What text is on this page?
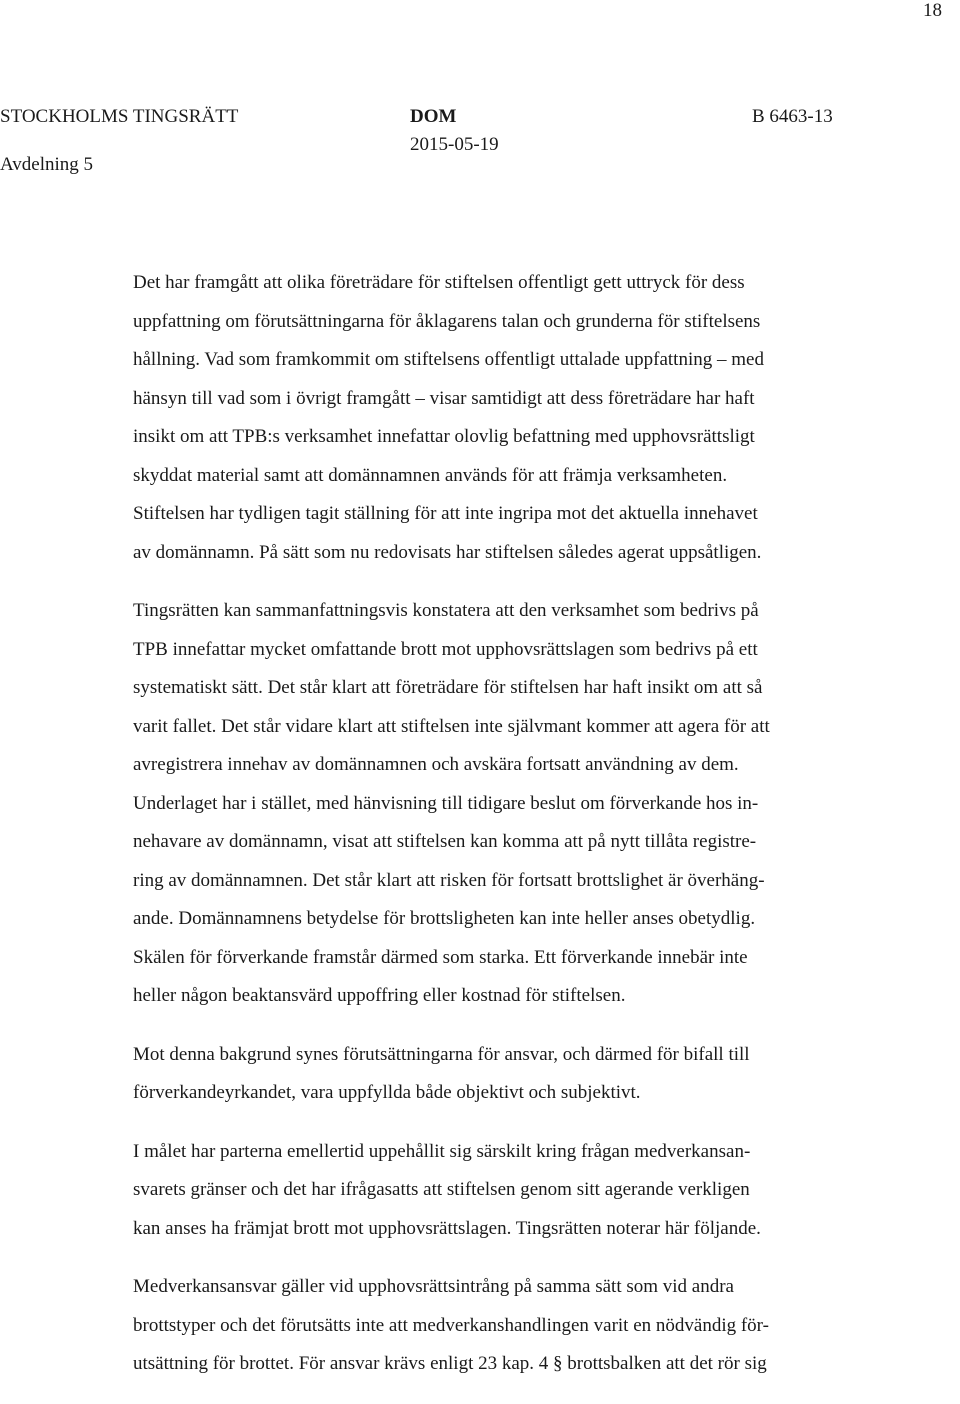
18
STOCKHOLMS TINGSRÄTT
Avdelning 5
DOM
2015-05-19
B 6463-13

Det har framgått att olika företrädare för stiftelsen offentligt gett uttryck för dess
uppfattning om förutsättningarna för åklagarens talan och grunderna för stiftelsens
hållning. Vad som framkommit om stiftelsens offentligt uttalade uppfattning – med
hänsyn till vad som i övrigt framgått – visar samtidigt att dess företrädare har haft
insikt om att TPB:s verksamhet innefattar olovlig befattning med upphovsrättsligt
skyddat material samt att domännamnen används för att främja verksamheten.
Stiftelsen har tydligen tagit ställning för att inte ingripa mot det aktuella innehavet
av domännamn. På sätt som nu redovisats har stiftelsen således agerat uppsåtligen.

Tingsrätten kan sammanfattningsvis konstatera att den verksamhet som bedrivs på
TPB innefattar mycket omfattande brott mot upphovsrättslagen som bedrivs på ett
systematiskt sätt. Det står klart att företrädare för stiftelsen har haft insikt om att så
varit fallet. Det står vidare klart att stiftelsen inte självmant kommer att agera för att
avregistrera innehav av domännamnen och avskära fortsatt användning av dem.
Underlaget har i stället, med hänvisning till tidigare beslut om förverkande hos in-
nehavare av domännamn, visat att stiftelsen kan komma att på nytt tillåta registre-
ring av domännamnen. Det står klart att risken för fortsatt brottslighet är överhäng-
ande. Domännamnens betydelse för brottsligheten kan inte heller anses obetydlig.
Skälen för förverkande framstår därmed som starka. Ett förverkande innebär inte
heller någon beaktansvärd uppoffring eller kostnad för stiftelsen.

Mot denna bakgrund synes förutsättningarna för ansvar, och därmed för bifall till
förverkandeyrkandet, vara uppfyllda både objektivt och subjektivt.

I målet har parterna emellertid uppehållit sig särskilt kring frågan medverkansan-
svarets gränser och det har ifrågasatts att stiftelsen genom sitt agerande verkligen
kan anses ha främjat brott mot upphovsrättslagen. Tingsrätten noterar här följande.

Medverkansansvar gäller vid upphovsrättsintrång på samma sätt som vid andra
brottstyper och det förutsätts inte att medverkanshandlingen varit en nödvändig för-
utsättning för brottet. För ansvar krävs enligt 23 kap. 4 § brottsbalken att det rör sig
